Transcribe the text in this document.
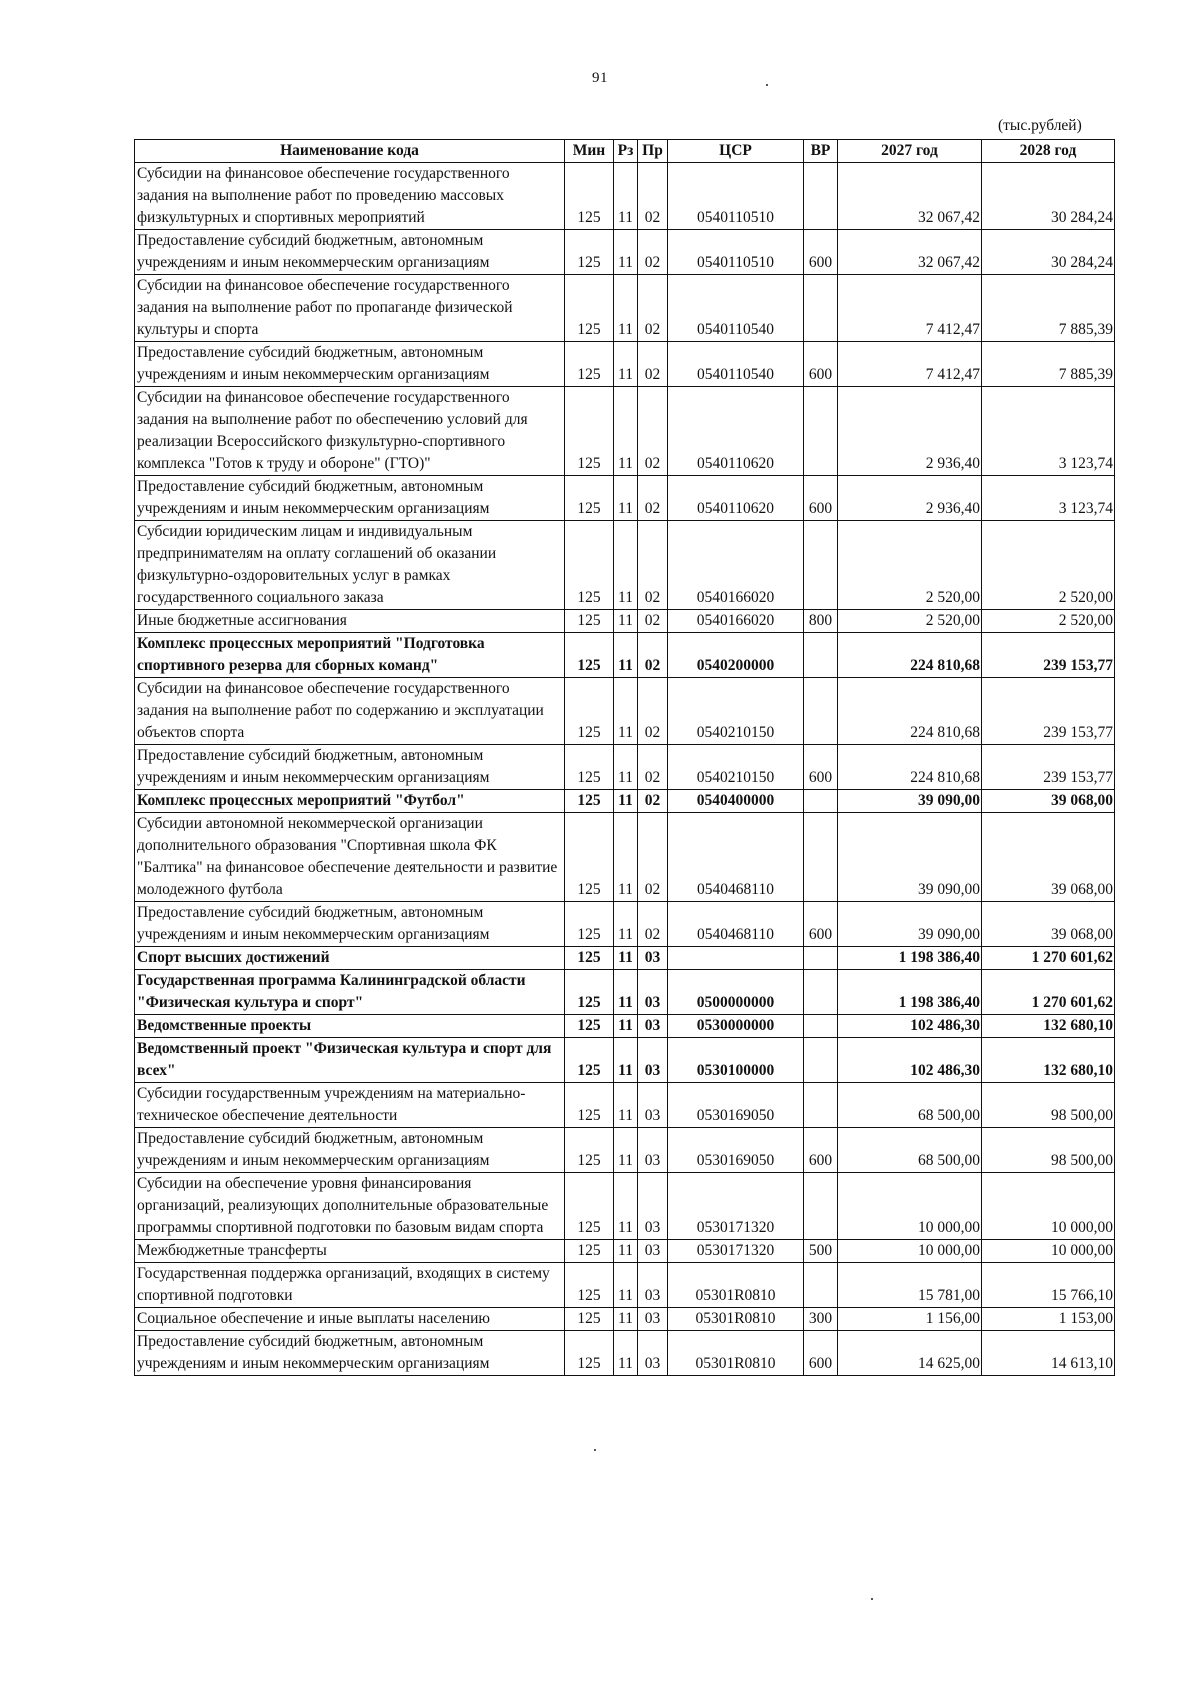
91
(тыс.рублей)
Наименование кода	Мин	Рз	Пр	ЦСР	ВР	2027 год	2028 год
Субсидии на финансовое обеспечение государственного задания на выполнение работ по проведению массовых физкультурных и спортивных мероприятий	125	11	02	0540110510		32 067,42	30 284,24
Предоставление субсидий бюджетным, автономным учреждениям и иным некоммерческим организациям	125	11	02	0540110510	600	32 067,42	30 284,24
Субсидии на финансовое обеспечение государственного задания на выполнение работ по пропаганде физической культуры и спорта	125	11	02	0540110540		7 412,47	7 885,39
Предоставление субсидий бюджетным, автономным учреждениям и иным некоммерческим организациям	125	11	02	0540110540	600	7 412,47	7 885,39
Субсидии на финансовое обеспечение государственного задания на выполнение работ по обеспечению условий для реализации Всероссийского физкультурно-спортивного комплекса "Готов к труду и обороне" (ГТО)"	125	11	02	0540110620		2 936,40	3 123,74
Предоставление субсидий бюджетным, автономным учреждениям и иным некоммерческим организациям	125	11	02	0540110620	600	2 936,40	3 123,74
Субсидии юридическим лицам и индивидуальным предпринимателям на оплату соглашений об оказании физкультурно-оздоровительных услуг в рамках государственного социального заказа	125	11	02	0540166020		2 520,00	2 520,00
Иные бюджетные ассигнования	125	11	02	0540166020	800	2 520,00	2 520,00
Комплекс процессных мероприятий "Подготовка спортивного резерва для сборных команд"	125	11	02	0540200000		224 810,68	239 153,77
Субсидии на финансовое обеспечение государственного задания на выполнение работ по содержанию и эксплуатации объектов спорта	125	11	02	0540210150		224 810,68	239 153,77
Предоставление субсидий бюджетным, автономным учреждениям и иным некоммерческим организациям	125	11	02	0540210150	600	224 810,68	239 153,77
Комплекс процессных мероприятий "Футбол"	125	11	02	0540400000		39 090,00	39 068,00
Субсидии автономной некоммерческой организации дополнительного образования "Спортивная школа ФК "Балтика" на финансовое обеспечение деятельности и развитие молодежного футбола	125	11	02	0540468110		39 090,00	39 068,00
Предоставление субсидий бюджетным, автономным учреждениям и иным некоммерческим организациям	125	11	02	0540468110	600	39 090,00	39 068,00
Спорт высших достижений	125	11	03			1 198 386,40	1 270 601,62
Государственная программа Калининградской области "Физическая культура и спорт"	125	11	03	0500000000		1 198 386,40	1 270 601,62
Ведомственные проекты	125	11	03	0530000000		102 486,30	132 680,10
Ведомственный проект "Физическая культура и спорт для всех"	125	11	03	0530100000		102 486,30	132 680,10
Субсидии государственным учреждениям на материально-техническое обеспечение деятельности	125	11	03	0530169050		68 500,00	98 500,00
Предоставление субсидий бюджетным, автономным учреждениям и иным некоммерческим организациям	125	11	03	0530169050	600	68 500,00	98 500,00
Субсидии на обеспечение уровня финансирования организаций, реализующих дополнительные образовательные программы спортивной подготовки по базовым видам спорта	125	11	03	0530171320		10 000,00	10 000,00
Межбюджетные трансферты	125	11	03	0530171320	500	10 000,00	10 000,00
Государственная поддержка организаций, входящих в систему спортивной подготовки	125	11	03	05301R0810		15 781,00	15 766,10
Социальное обеспечение и иные выплаты населению	125	11	03	05301R0810	300	1 156,00	1 153,00
Предоставление субсидий бюджетным, автономным учреждениям и иным некоммерческим организациям	125	11	03	05301R0810	600	14 625,00	14 613,10
